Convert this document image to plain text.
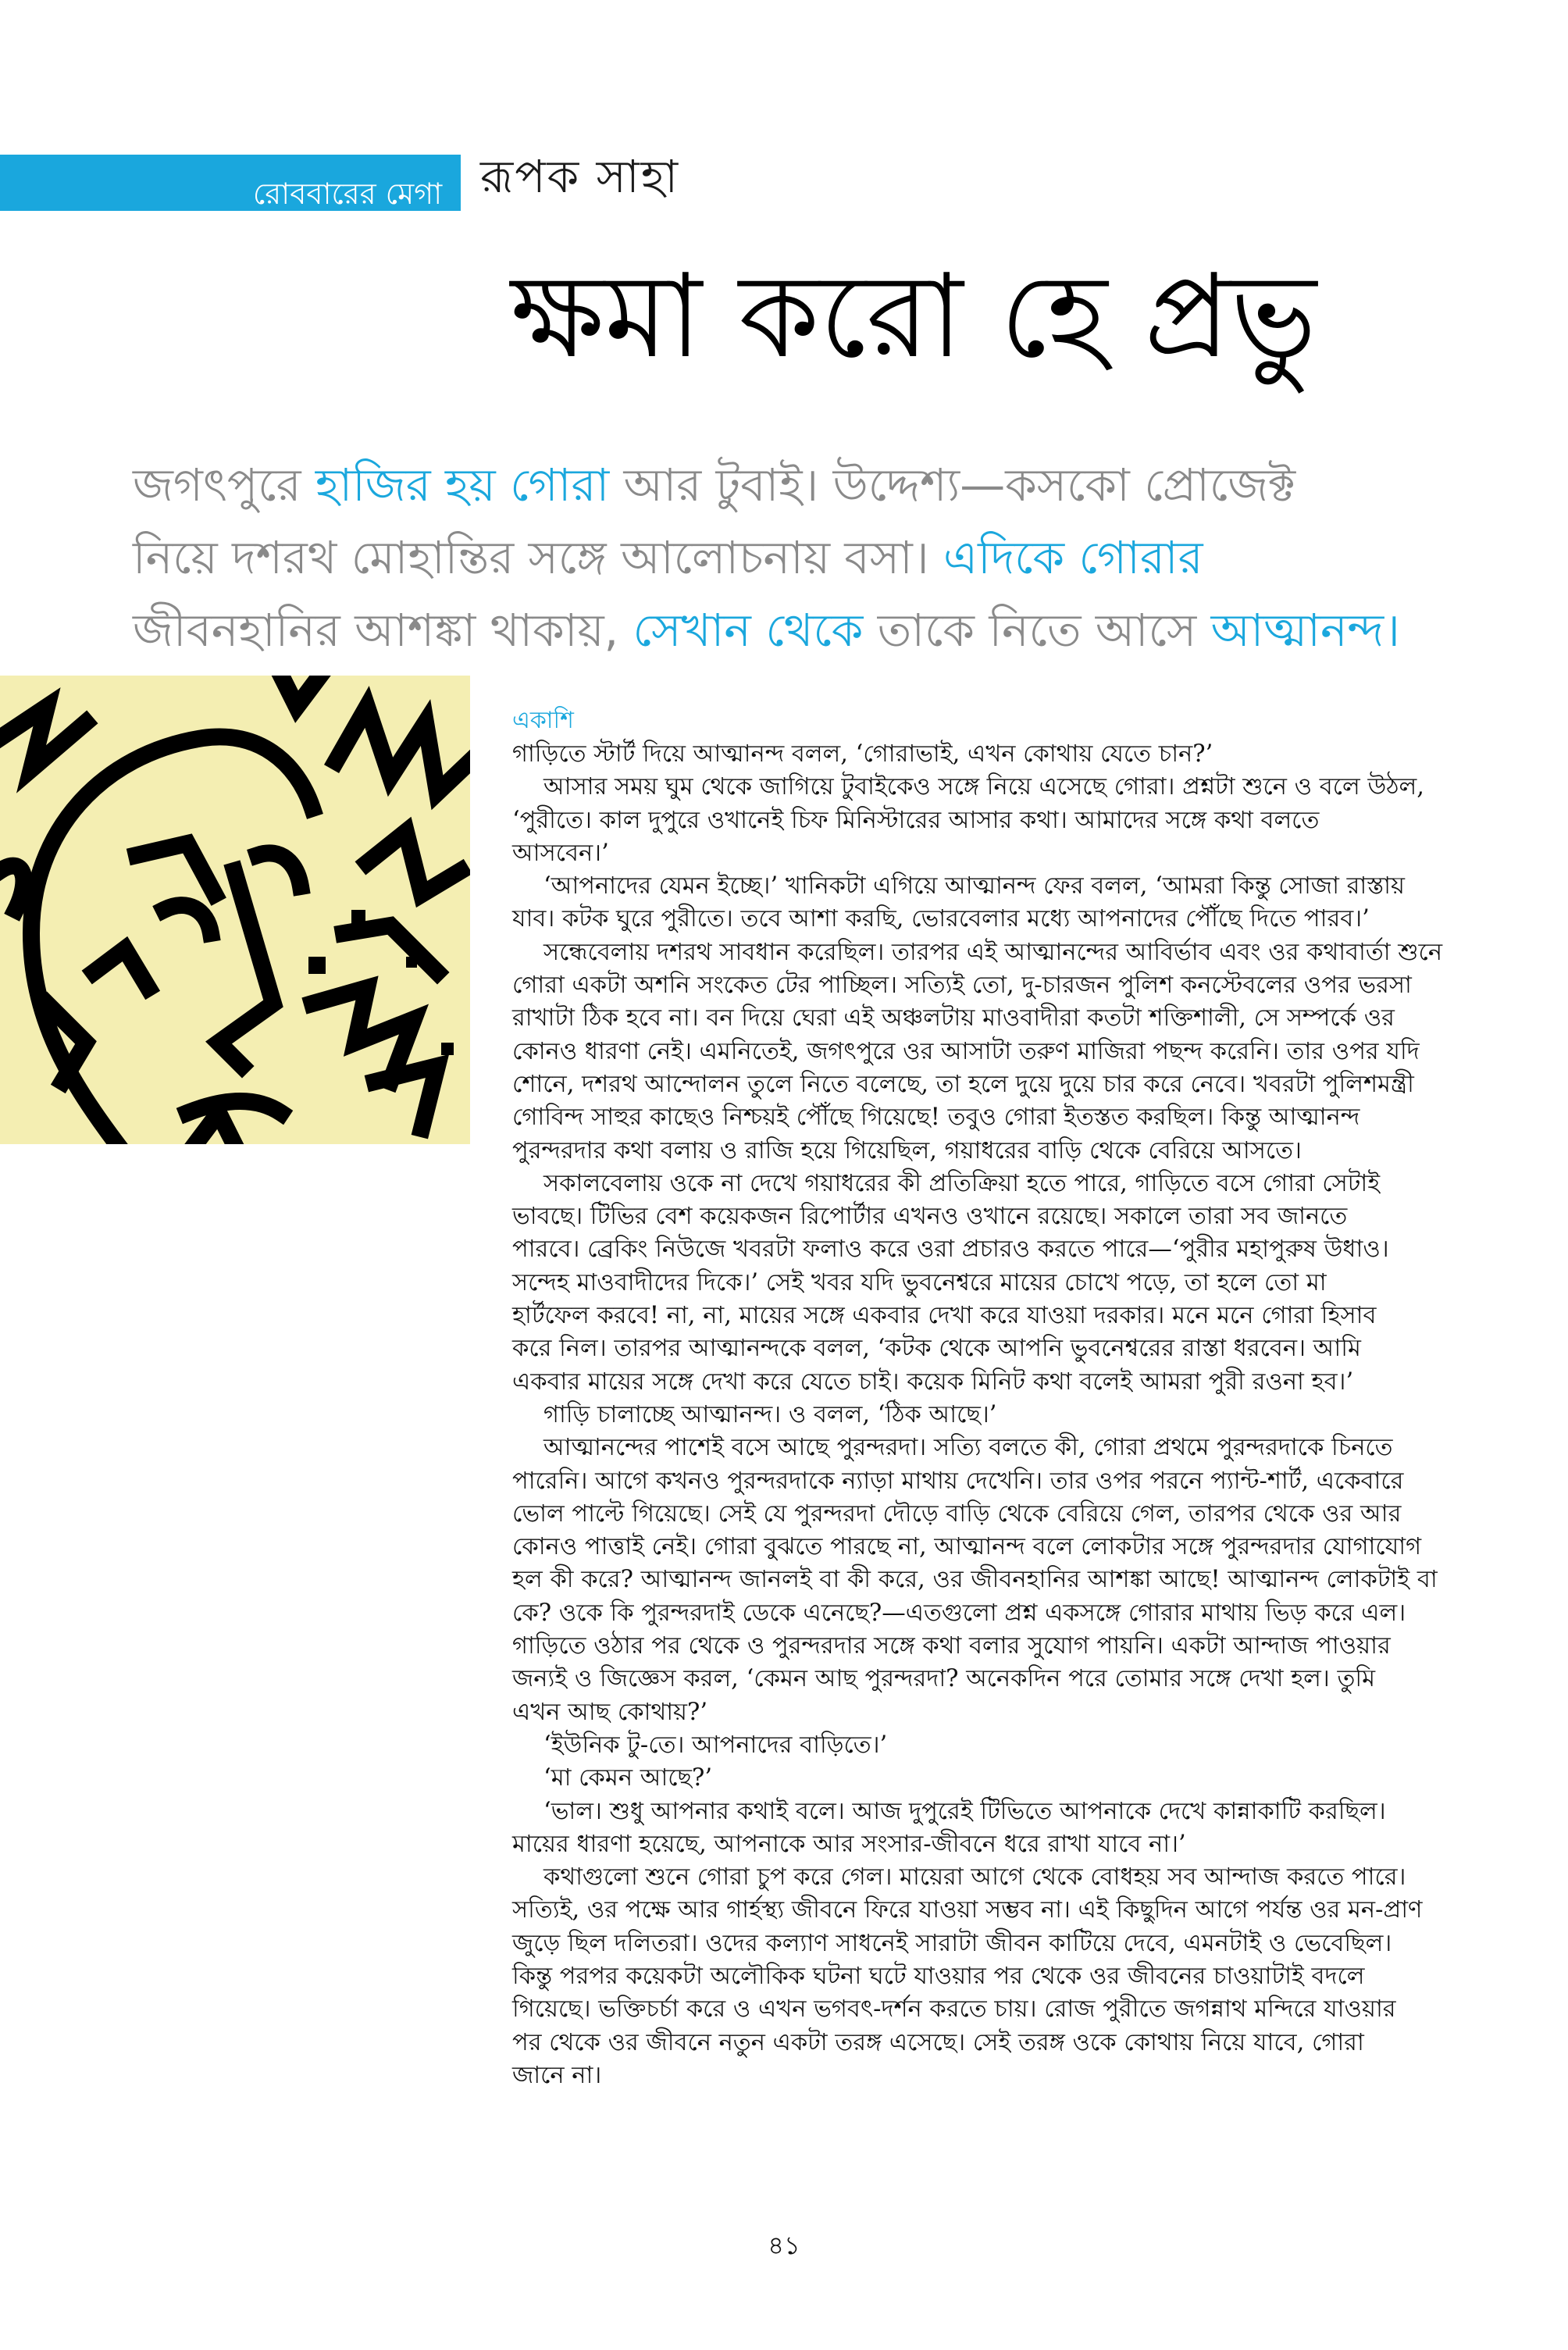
রোববারের মেগা রূপক সাহা
ক্ষমা করো হে প্রভু

জগৎপুরে হাজির হয় গোরা আর টুবাই। উদ্দেশ্য—কসকো প্রোজেক্ট

নিয়ে দশরথ মোহান্তির সঙ্গে আলোচনায় বসা। এদিকে গোরার

জীবনহানির আশঙ্কা থাকায়, সেখান থেকে তাকে নিতে আসে আত্মানন্দ।

একাশি

গাড়িতে স্টার্ট দিয়ে আত্মানন্দ বলল, ‘গোরাভাই, এখন কোথায় যেতে চান?’

আসার সময় ঘুম থেকে জাগিয়ে টুবাইকেও সঙ্গে নিয়ে এসেছে গোরা। প্রশ্নটা শুনে ও বলে উঠল,

‘পুরীতে। কাল দুপুরে ওখানেই চিফ মিনিস্টারের আসার কথা। আমাদের সঙ্গে কথা বলতে

আসবেন।’

‘আপনাদের যেমন ইচ্ছে।’ খানিকটা এগিয়ে আত্মানন্দ ফের বলল, ‘আমরা কিন্তু সোজা রাস্তায়

যাব। কটক ঘুরে পুরীতে। তবে আশা করছি, ভোরবেলার মধ্যে আপনাদের পৌঁছে দিতে পারব।’

সন্ধেবেলায় দশরথ সাবধান করেছিল। তারপর এই আত্মানন্দের আবির্ভাব এবং ওর কথাবার্তা শুনে

গোরা একটা অশনি সংকেত টের পাচ্ছিল। সত্যিই তো, দু-চারজন পুলিশ কনস্টেবলের ওপর ভরসা

রাখাটা ঠিক হবে না। বন দিয়ে ঘেরা এই অঞ্চলটায় মাওবাদীরা কতটা শক্তিশালী, সে সম্পর্কে ওর

কোনও ধারণা নেই। এমনিতেই, জগৎপুরে ওর আসাটা তরুণ মাজিরা পছন্দ করেনি। তার ওপর যদি

শোনে, দশরথ আন্দোলন তুলে নিতে বলেছে, তা হলে দুয়ে দুয়ে চার করে নেবে। খবরটা পুলিশমন্ত্রী

গোবিন্দ সাহুর কাছেও নিশ্চয়ই পৌঁছে গিয়েছে! তবুও গোরা ইতস্তত করছিল। কিন্তু আত্মানন্দ

পুরন্দরদার কথা বলায় ও রাজি হয়ে গিয়েছিল, গয়াধরের বাড়ি থেকে বেরিয়ে আসতে।

সকালবেলায় ওকে না দেখে গয়াধরের কী প্রতিক্রিয়া হতে পারে, গাড়িতে বসে গোরা সেটাই

ভাবছে। টিভির বেশ কয়েকজন রিপোর্টার এখনও ওখানে রয়েছে। সকালে তারা সব জানতে

পারবে। ব্রেকিং নিউজে খবরটা ফলাও করে ওরা প্রচারও করতে পারে—‘পুরীর মহাপুরুষ উধাও।

সন্দেহ মাওবাদীদের দিকে।’ সেই খবর যদি ভুবনেশ্বরে মায়ের চোখে পড়ে, তা হলে তো মা

হার্টফেল করবে! না, না, মায়ের সঙ্গে একবার দেখা করে যাওয়া দরকার। মনে মনে গোরা হিসাব

করে নিল। তারপর আত্মানন্দকে বলল, ‘কটক থেকে আপনি ভুবনেশ্বরের রাস্তা ধরবেন। আমি

একবার মায়ের সঙ্গে দেখা করে যেতে চাই। কয়েক মিনিট কথা বলেই আমরা পুরী রওনা হব।’

গাড়ি চালাচ্ছে আত্মানন্দ। ও বলল, ‘ঠিক আছে।’

আত্মানন্দের পাশেই বসে আছে পুরন্দরদা। সত্যি বলতে কী, গোরা প্রথমে পুরন্দরদাকে চিনতে

পারেনি। আগে কখনও পুরন্দরদাকে ন্যাড়া মাথায় দেখেনি। তার ওপর পরনে প্যান্ট-শার্ট, একেবারে

ভোল পাল্টে গিয়েছে। সেই যে পুরন্দরদা দৌড়ে বাড়ি থেকে বেরিয়ে গেল, তারপর থেকে ওর আর

কোনও পাত্তাই নেই। গোরা বুঝতে পারছে না, আত্মানন্দ বলে লোকটার সঙ্গে পুরন্দরদার যোগাযোগ

হল কী করে? আত্মানন্দ জানলই বা কী করে, ওর জীবনহানির আশঙ্কা আছে! আত্মানন্দ লোকটাই বা

কে? ওকে কি পুরন্দরদাই ডেকে এনেছে?—এতগুলো প্রশ্ন একসঙ্গে গোরার মাথায় ভিড় করে এল।

গাড়িতে ওঠার পর থেকে ও পুরন্দরদার সঙ্গে কথা বলার সুযোগ পায়নি। একটা আন্দাজ পাওয়ার

জন্যই ও জিজ্ঞেস করল, ‘কেমন আছ পুরন্দরদা? অনেকদিন পরে তোমার সঙ্গে দেখা হল। তুমি

এখন আছ কোথায়?’

‘ইউনিক টু-তে। আপনাদের বাড়িতে।’

‘মা কেমন আছে?’

‘ভাল। শুধু আপনার কথাই বলে। আজ দুপুরেই টিভিতে আপনাকে দেখে কান্নাকাটি করছিল।

মায়ের ধারণা হয়েছে, আপনাকে আর সংসার-জীবনে ধরে রাখা যাবে না।’

কথাগুলো শুনে গোরা চুপ করে গেল। মায়েরা আগে থেকে বোধহয় সব আন্দাজ করতে পারে।

সত্যিই, ওর পক্ষে আর গার্হস্থ্য জীবনে ফিরে যাওয়া সম্ভব না। এই কিছুদিন আগে পর্যন্ত ওর মন-প্রাণ

জুড়ে ছিল দলিতরা। ওদের কল্যাণ সাধনেই সারাটা জীবন কাটিয়ে দেবে, এমনটাই ও ভেবেছিল।

কিন্তু পরপর কয়েকটা অলৌকিক ঘটনা ঘটে যাওয়ার পর থেকে ওর জীবনের চাওয়াটাই বদলে

গিয়েছে। ভক্তিচর্চা করে ও এখন ভগবৎ-দর্শন করতে চায়। রোজ পুরীতে জগন্নাথ মন্দিরে যাওয়ার

পর থেকে ওর জীবনে নতুন একটা তরঙ্গ এসেছে। সেই তরঙ্গ ওকে কোথায় নিয়ে যাবে, গোরা

জানে না।

৪১
